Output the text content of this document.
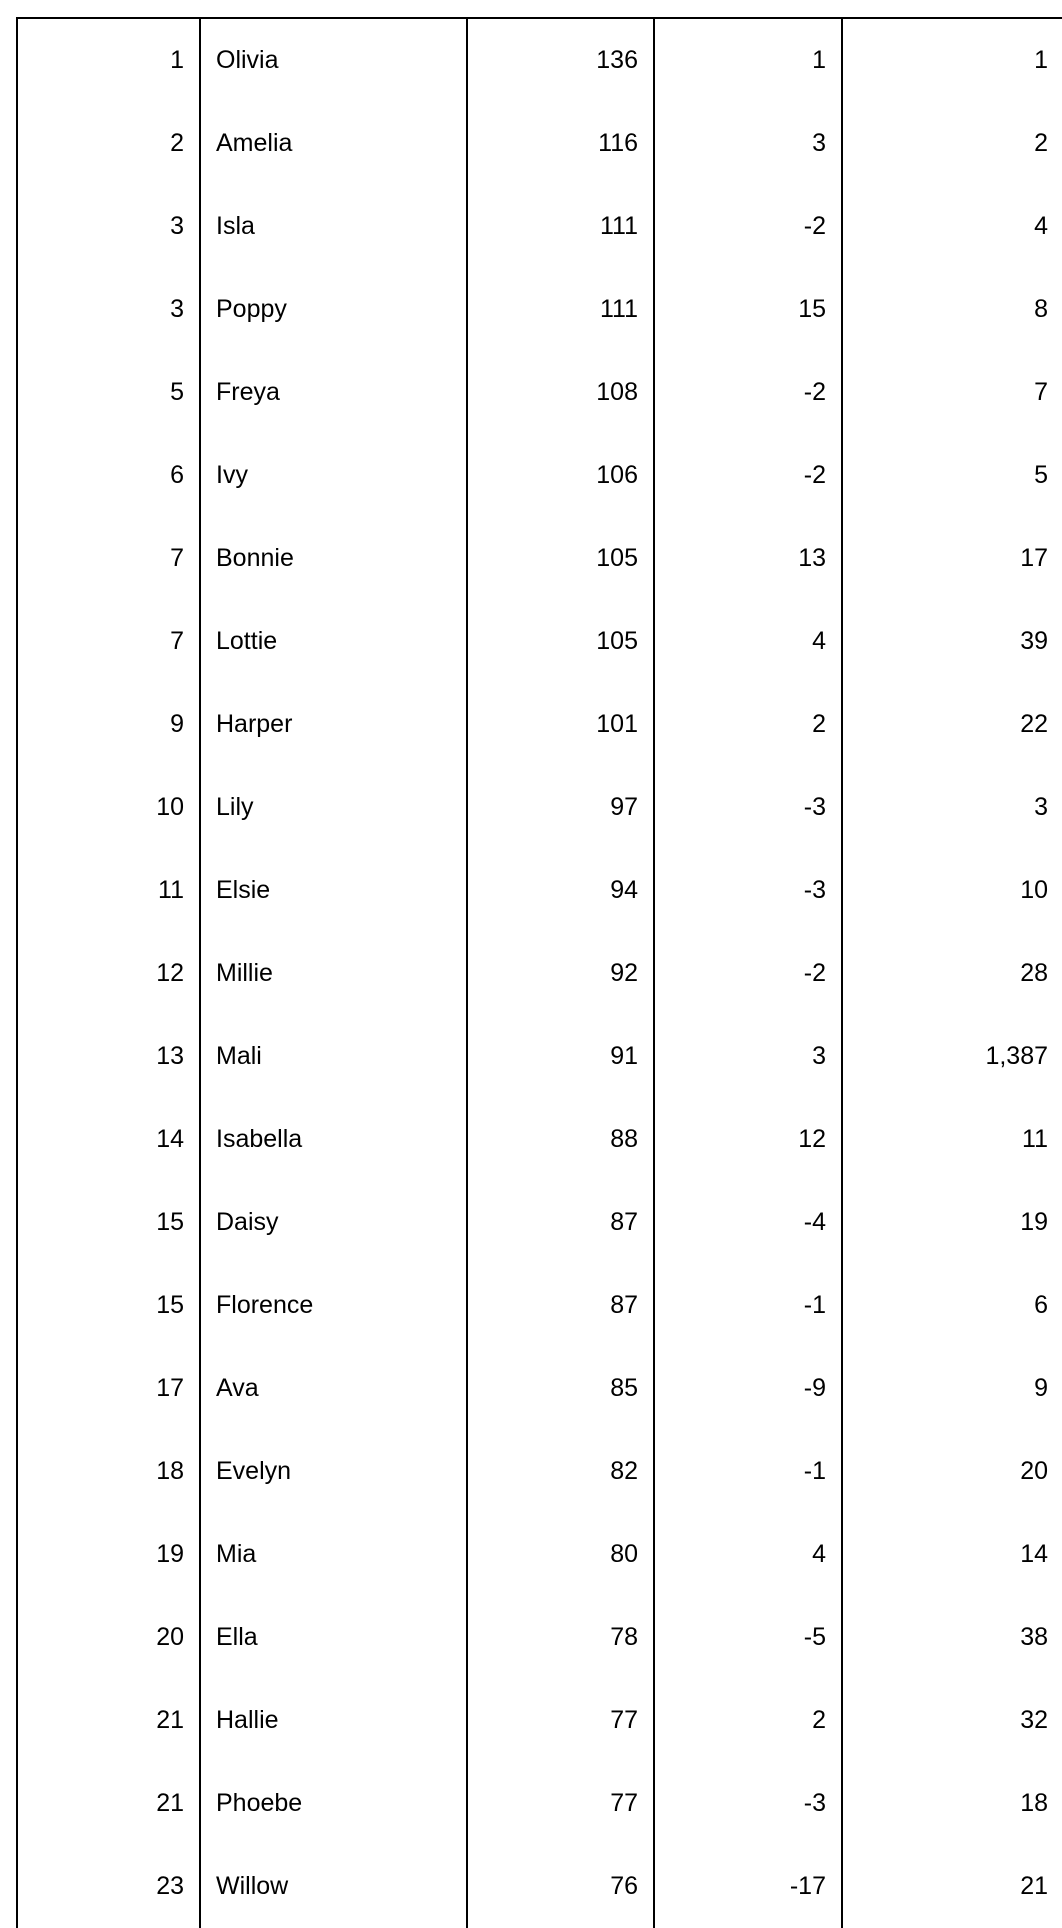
1	Olivia	136	1	1
2	Amelia	116	3	2
3	Isla	111	-2	4
3	Poppy	111	15	8
5	Freya	108	-2	7
6	Ivy	106	-2	5
7	Bonnie	105	13	17
7	Lottie	105	4	39
9	Harper	101	2	22
10	Lily	97	-3	3
11	Elsie	94	-3	10
12	Millie	92	-2	28
13	Mali	91	3	1,387
14	Isabella	88	12	11
15	Daisy	87	-4	19
15	Florence	87	-1	6
17	Ava	85	-9	9
18	Evelyn	82	-1	20
19	Mia	80	4	14
20	Ella	78	-5	38
21	Hallie	77	2	32
21	Phoebe	77	-3	18
23	Willow	76	-17	21
